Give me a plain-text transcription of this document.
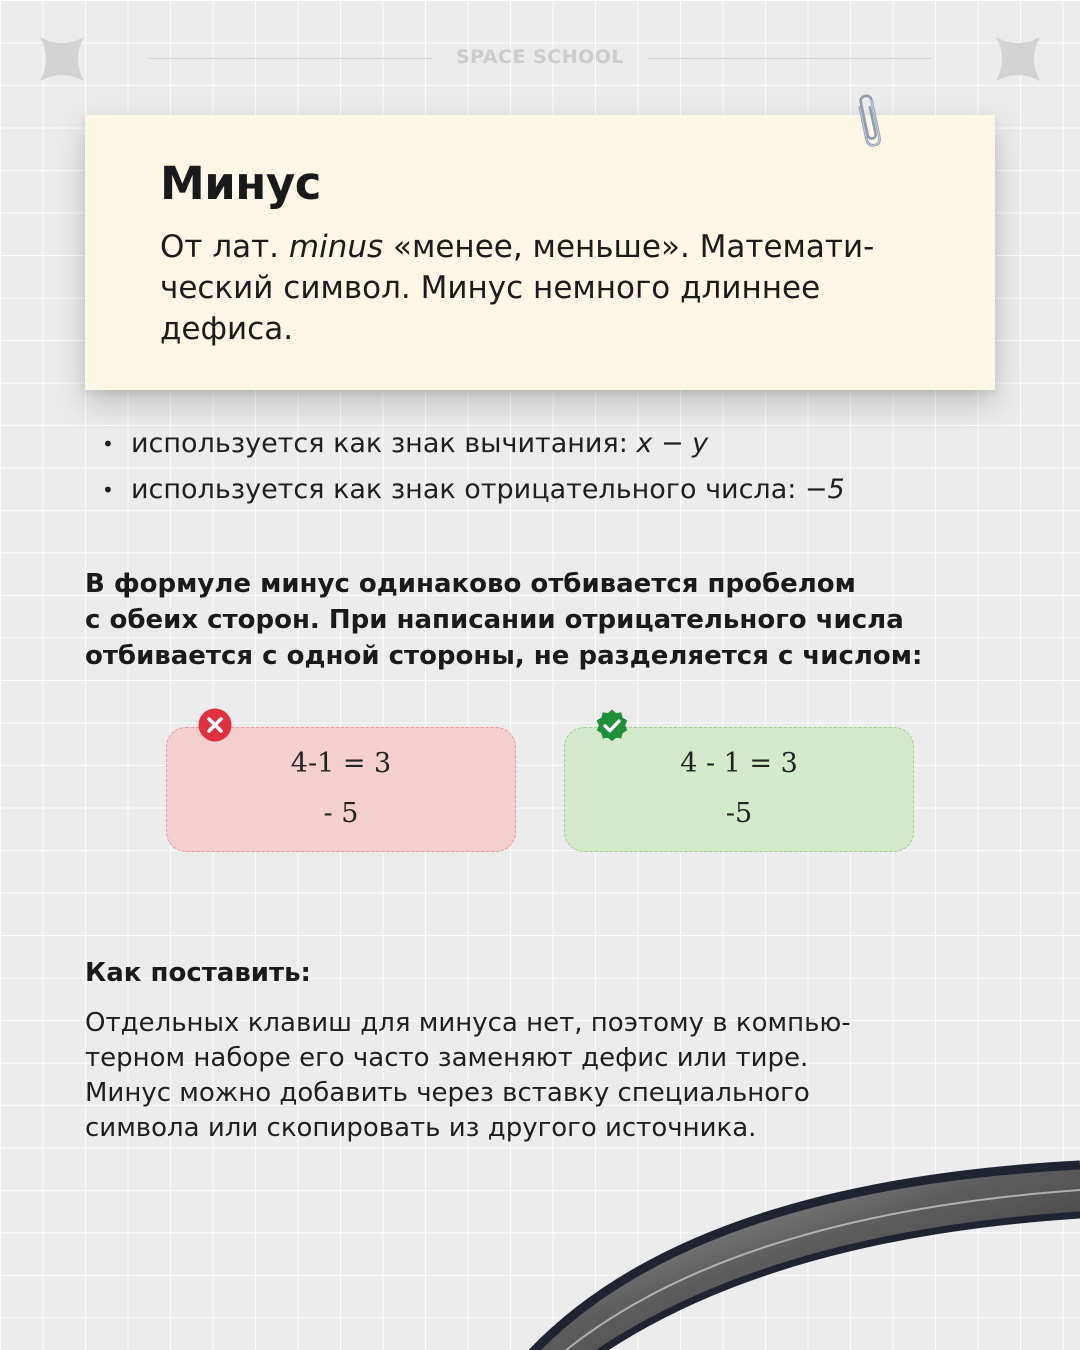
SPACE SCHOOL
Минус

От лат. minus «менее, меньше». Математи-
ческий символ. Минус немного длиннее
дефиса.

• используется как знак вычитания: x − y
• используется как знак отрицательного числа: −5

В формуле минус одинаково отбивается пробелом
с обеих сторон. При написании отрицательного числа
отбивается с одной стороны, не разделяется с числом:

4-1 = 3
- 5
4 - 1 = 3
-5
Как поставить:

Отдельных клавиш для минуса нет, поэтому в компью-
терном наборе его часто заменяют дефис или тире.
Минус можно добавить через вставку специального
символа или скопировать из другого источника.
